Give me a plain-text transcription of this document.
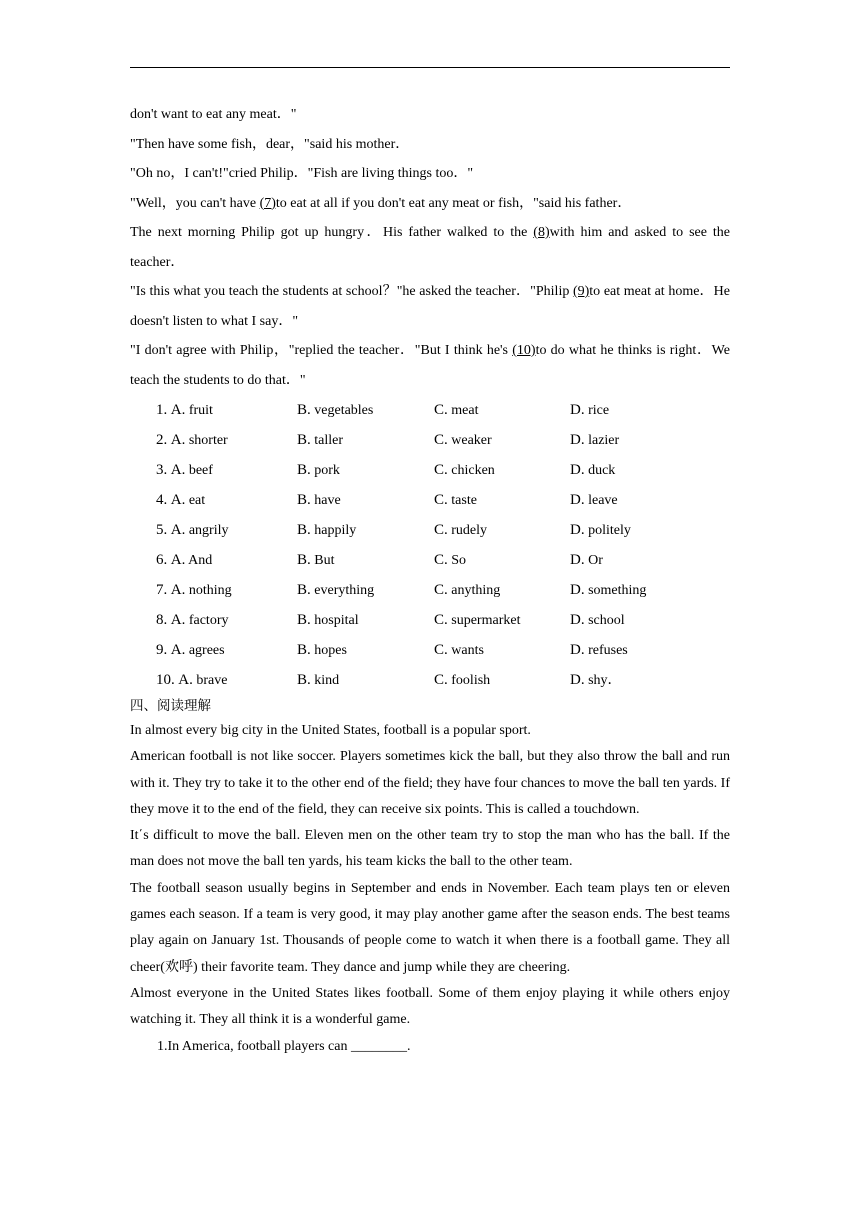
don't want to eat any meat．"

"Then have some fish，dear，"said his mother．

"Oh no，I can't!"cried Philip．"Fish are living things too．"

"Well，you can't have (7)to eat at all if you don't eat any meat or fish，"said his father．

The next morning Philip got up hungry．His father walked to the (8)with him and asked to see the teacher．

"Is this what you teach the students at school？"he asked the teacher．"Philip (9)to eat meat at home．He doesn't listen to what I say．"

"I don't agree with Philip，"replied the teacher．"But I think he's (10)to do what he thinks is right．We teach the students to do that．"

1. A. fruit	B. vegetables	C. meat	D. rice
2. A. shorter	B. taller	C. weaker	D. lazier
3. A. beef	B. pork	C. chicken	D. duck
4. A. eat	B. have	C. taste	D. leave
5. A. angrily	B. happily	C. rudely	D. politely
6. A. And	B. But	C. So	D. Or
7. A. nothing	B. everything	C. anything	D. something
8. A. factory	B. hospital	C. supermarket	D. school
9. A. agrees	B. hopes	C. wants	D. refuses
10. A. brave	B. kind	C. foolish	D. shy．

四、阅读理解

In almost every big city in the United States, football is a popular sport.

American football is not like soccer. Players sometimes kick the ball, but they also throw the ball and run with it. They try to take it to the other end of the field; they have four chances to move the ball ten yards. If they move it to the end of the field, they can receive six points. This is called a touchdown.

It΄s difficult to move the ball. Eleven men on the other team try to stop the man who has the ball. If the man does not move the ball ten yards, his team kicks the ball to the other team.

The football season usually begins in September and ends in November. Each team plays ten or eleven games each season. If a team is very good, it may play another game after the season ends. The best teams play again on January 1st. Thousands of people come to watch it when there is a football game. They all cheer(欢呼) their favorite team. They dance and jump while they are cheering.

Almost everyone in the United States likes football. Some of them enjoy playing it while others enjoy watching it. They all think it is a wonderful game.

1.In America, football players can ________.
